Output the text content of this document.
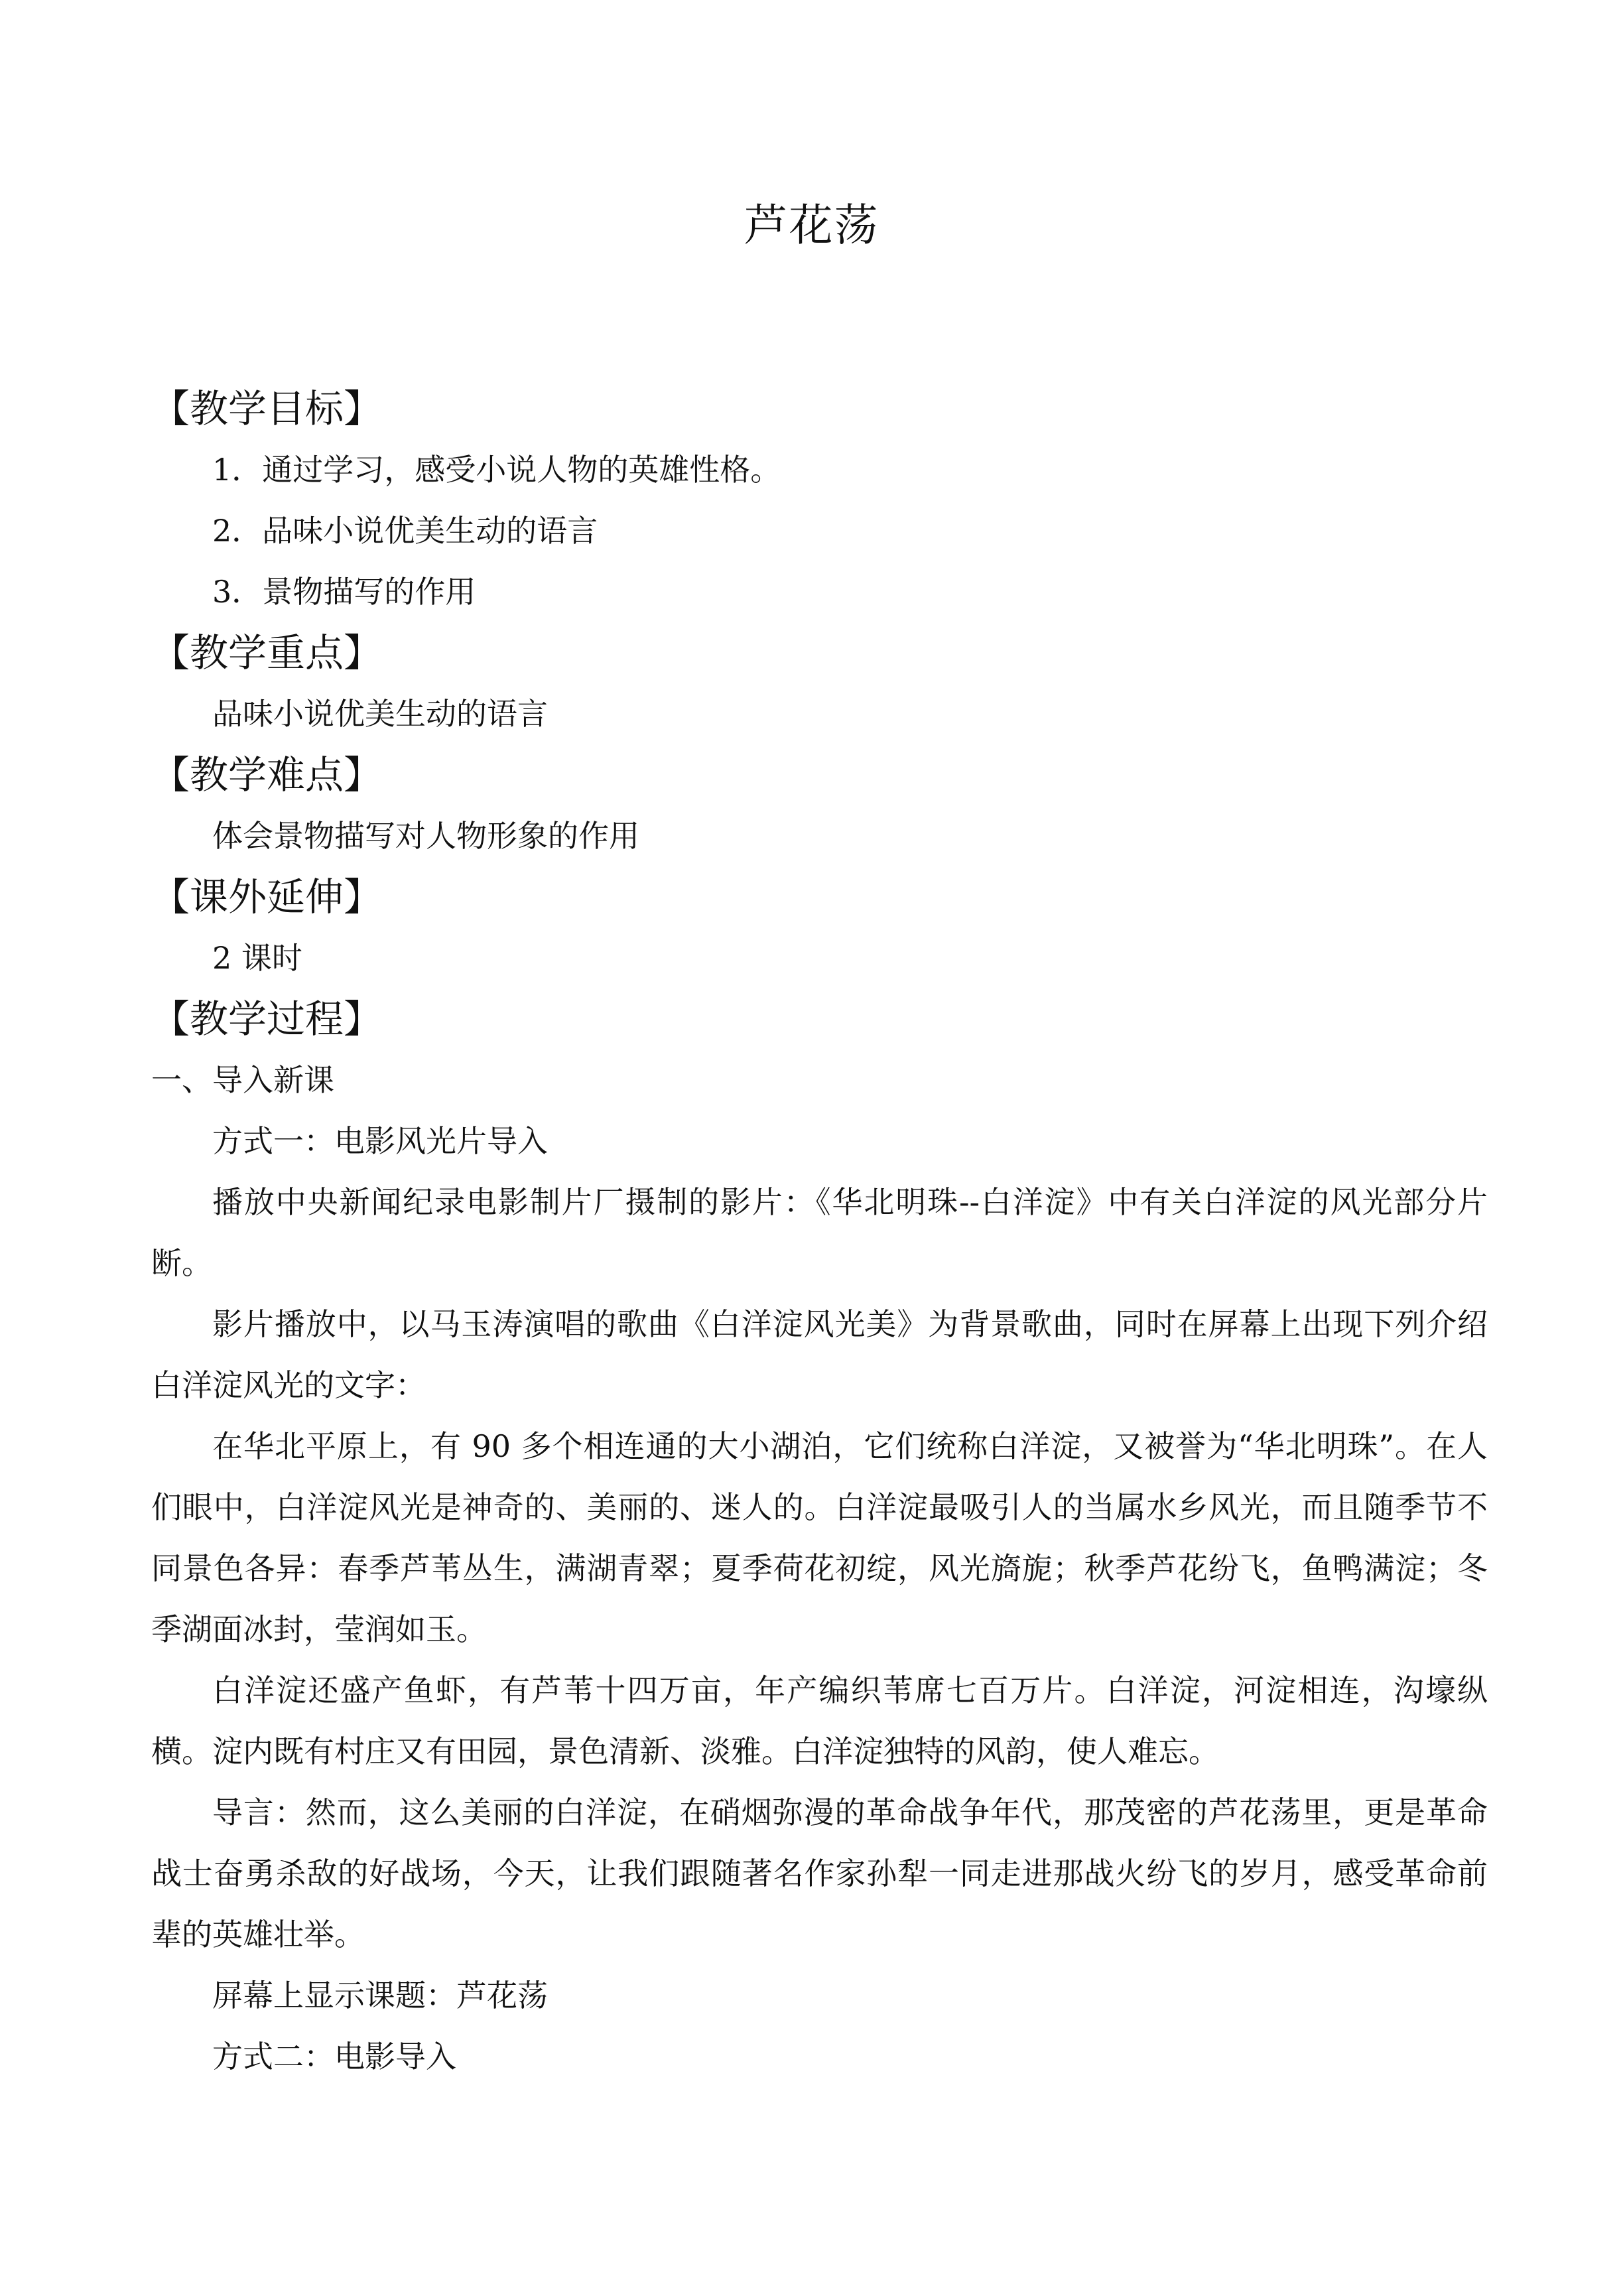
芦花荡
【教学目标】
1．通过学习，感受小说人物的英雄性格。
2．品味小说优美生动的语言
3．景物描写的作用
【教学重点】
品味小说优美生动的语言
【教学难点】
体会景物描写对人物形象的作用
【课外延伸】
2 课时
【教学过程】
一、导入新课
方式一：电影风光片导入

播放中央新闻纪录电影制片厂摄制的影片：《华北明珠--白洋淀》中有关白洋淀的风光部分片断。

影片播放中，以马玉涛演唱的歌曲《白洋淀风光美》为背景歌曲，同时在屏幕上出现下列介绍白洋淀风光的文字：

在华北平原上，有 90 多个相连通的大小湖泊，它们统称白洋淀，又被誉为“华北明珠”。在人们眼中，白洋淀风光是神奇的、美丽的、迷人的。白洋淀最吸引人的当属水乡风光，而且随季节不同景色各异：春季芦苇丛生，满湖青翠；夏季荷花初绽，风光旖旎；秋季芦花纷飞，鱼鸭满淀；冬季湖面冰封，莹润如玉。

白洋淀还盛产鱼虾，有芦苇十四万亩，年产编织苇席七百万片。白洋淀，河淀相连，沟壕纵横。淀内既有村庄又有田园，景色清新、淡雅。白洋淀独特的风韵，使人难忘。

导言：然而，这么美丽的白洋淀，在硝烟弥漫的革命战争年代，那茂密的芦花荡里，更是革命战士奋勇杀敌的好战场，今天，让我们跟随著名作家孙犁一同走进那战火纷飞的岁月，感受革命前辈的英雄壮举。

屏幕上显示课题：芦花荡
方式二：电影导入
